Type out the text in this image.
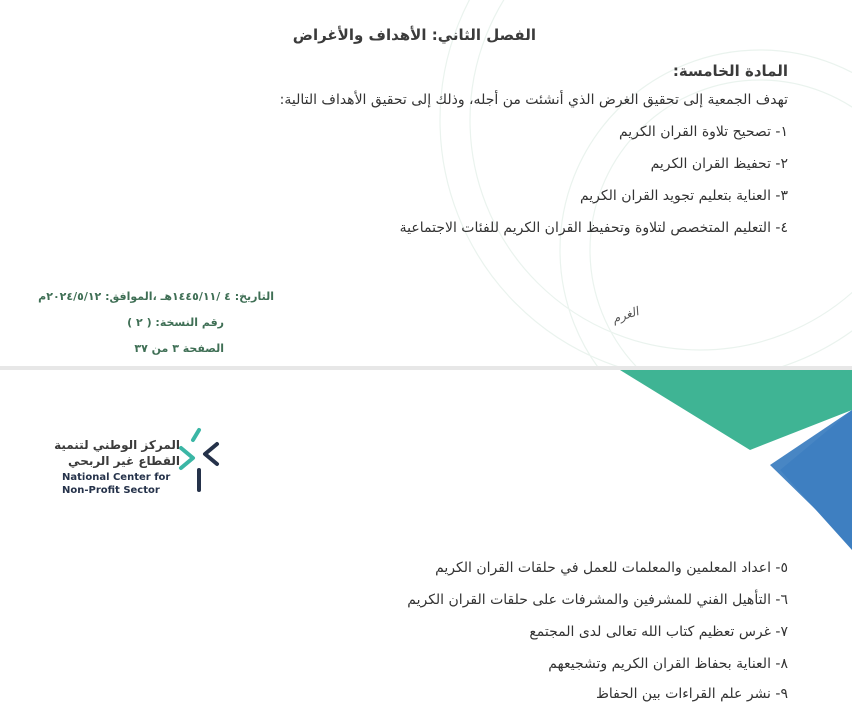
الفصل الثاني: الأهداف والأغراض
المادة الخامسة:
تهدف الجمعية إلى تحقيق الغرض الذي أنشئت من أجله، وذلك إلى تحقيق الأهداف التالية:
١- تصحيح تلاوة القران الكريم
٢- تحفيظ القران الكريم
٣- العناية بتعليم تجويد القران الكريم
٤- التعليم المتخصص لتلاوة وتحفيظ القران الكريم للفئات الاجتماعية
التاريخ: ٤ /١٤٤٥/١١هـ ،الموافق: ٢٠٢٤/٥/١٢م
رقم النسخة: ( ٢ )
الصفحة ٣ من ٣٧
الغرم
المركز الوطني لتنمية
القطاع غير الربحي
National Center for
Non-Profit Sector
٥- اعداد المعلمين والمعلمات للعمل في حلقات القران الكريم
٦- التأهيل الفني للمشرفين والمشرفات على حلقات القران الكريم
٧- غرس تعظيم كتاب الله تعالى لدى المجتمع
٨- العناية بحفاظ القران الكريم وتشجيعهم
٩- نشر علم القراءات بين الحفاظ
